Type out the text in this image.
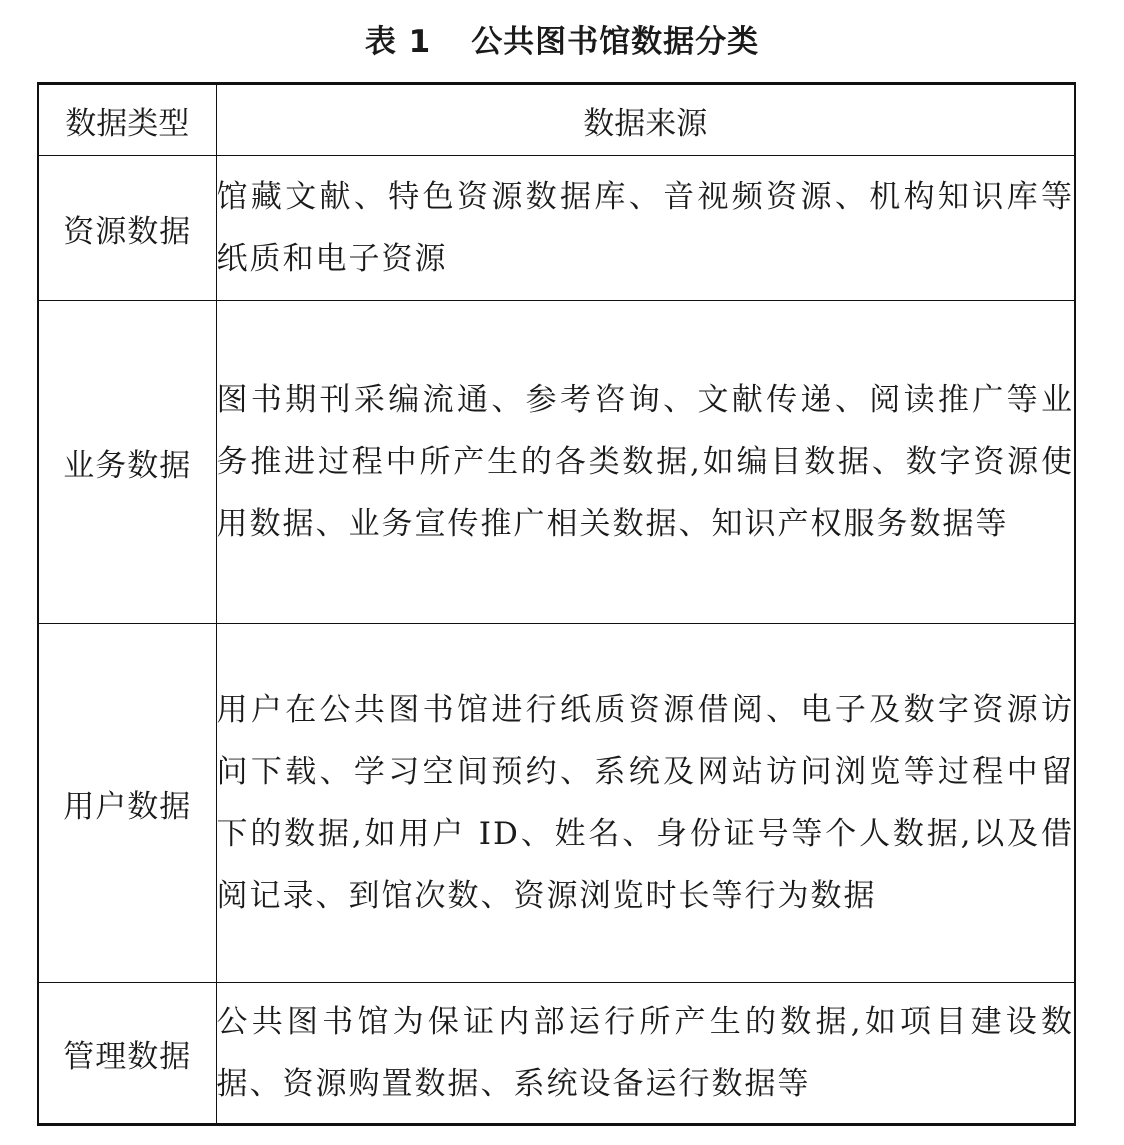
表 1 公共图书馆数据分类
数据类型	数据来源
资源数据	馆藏文献、特色资源数据库、音视频资源、机构知识库等纸质和电子资源
业务数据	图书期刊采编流通、参考咨询、文献传递、阅读推广等业务推进过程中所产生的各类数据,如编目数据、数字资源使用数据、业务宣传推广相关数据、知识产权服务数据等
用户数据	用户在公共图书馆进行纸质资源借阅、电子及数字资源访问下载、学习空间预约、系统及网站访问浏览等过程中留下的数据,如用户 ID、姓名、身份证号等个人数据,以及借阅记录、到馆次数、资源浏览时长等行为数据
管理数据	公共图书馆为保证内部运行所产生的数据,如项目建设数据、资源购置数据、系统设备运行数据等
